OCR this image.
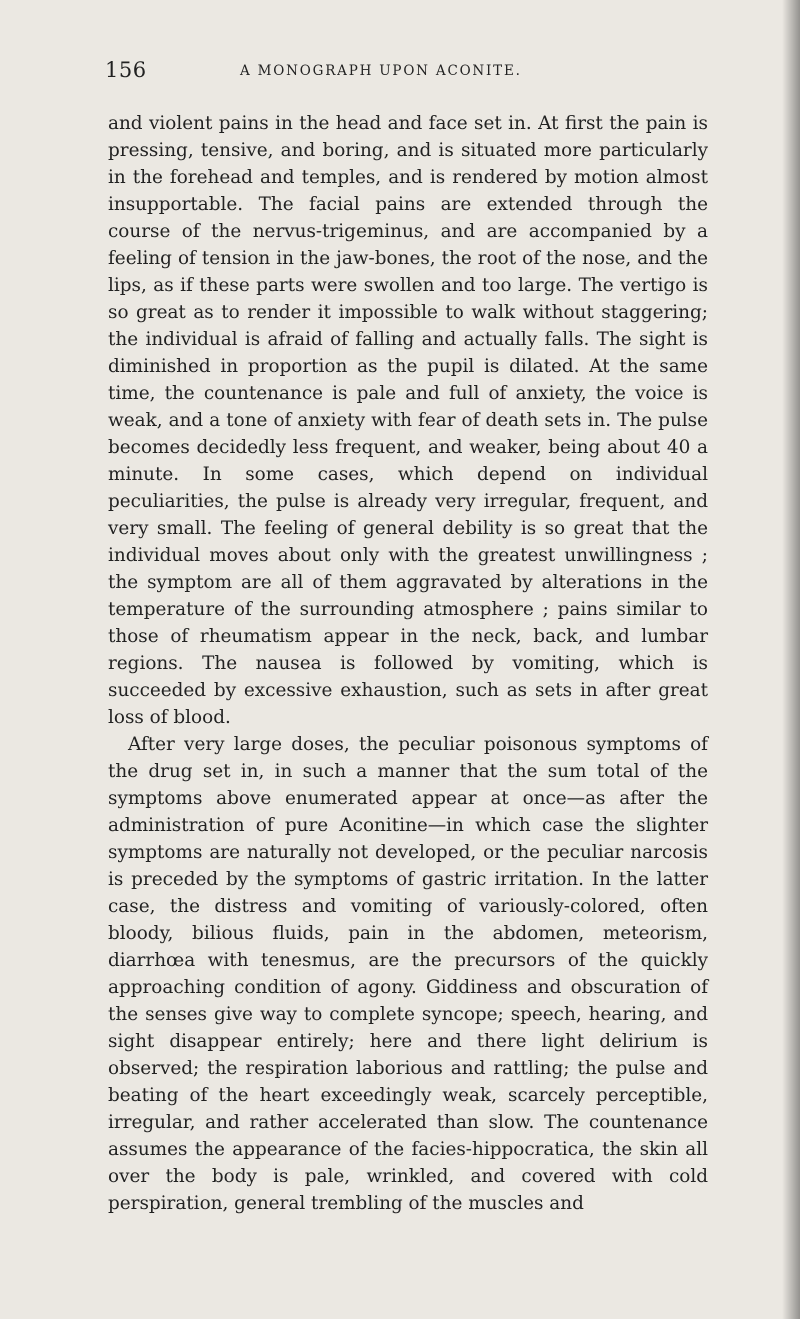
156	A MONOGRAPH UPON ACONITE.

and violent pains in the head and face set in. At first the pain is pressing, tensive, and boring, and is situated more particularly in the forehead and temples, and is rendered by motion almost insupportable. The facial pains are extended through the course of the nervus-trigeminus, and are accompanied by a feeling of tension in the jaw-bones, the root of the nose, and the lips, as if these parts were swollen and too large. The vertigo is so great as to render it impossible to walk without staggering; the individual is afraid of falling and actually falls. The sight is diminished in proportion as the pupil is dilated. At the same time, the countenance is pale and full of anxiety, the voice is weak, and a tone of anxiety with fear of death sets in. The pulse becomes decidedly less frequent, and weaker, being about 40 a minute. In some cases, which depend on individual peculiarities, the pulse is already very irregular, frequent, and very small. The feeling of general debility is so great that the individual moves about only with the greatest unwillingness ; the symptom are all of them aggravated by alterations in the temperature of the surrounding atmosphere ; pains similar to those of rheumatism appear in the neck, back, and lumbar regions. The nausea is followed by vomiting, which is succeeded by excessive exhaustion, such as sets in after great loss of blood.

After very large doses, the peculiar poisonous symptoms of the drug set in, in such a manner that the sum total of the symptoms above enumerated appear at once—as after the administration of pure Aconitine—in which case the slighter symptoms are naturally not developed, or the peculiar narcosis is preceded by the symptoms of gastric irritation. In the latter case, the distress and vomiting of variously-colored, often bloody, bilious fluids, pain in the abdomen, meteorism, diarrhœa with tenesmus, are the precursors of the quickly approaching condition of agony. Giddiness and obscuration of the senses give way to complete syncope; speech, hearing, and sight disappear entirely; here and there light delirium is observed; the respiration laborious and rattling; the pulse and beating of the heart exceedingly weak, scarcely perceptible, irregular, and rather accelerated than slow. The countenance assumes the appearance of the facies-hippocratica, the skin all over the body is pale, wrinkled, and covered with cold perspiration, general trembling of the muscles and
